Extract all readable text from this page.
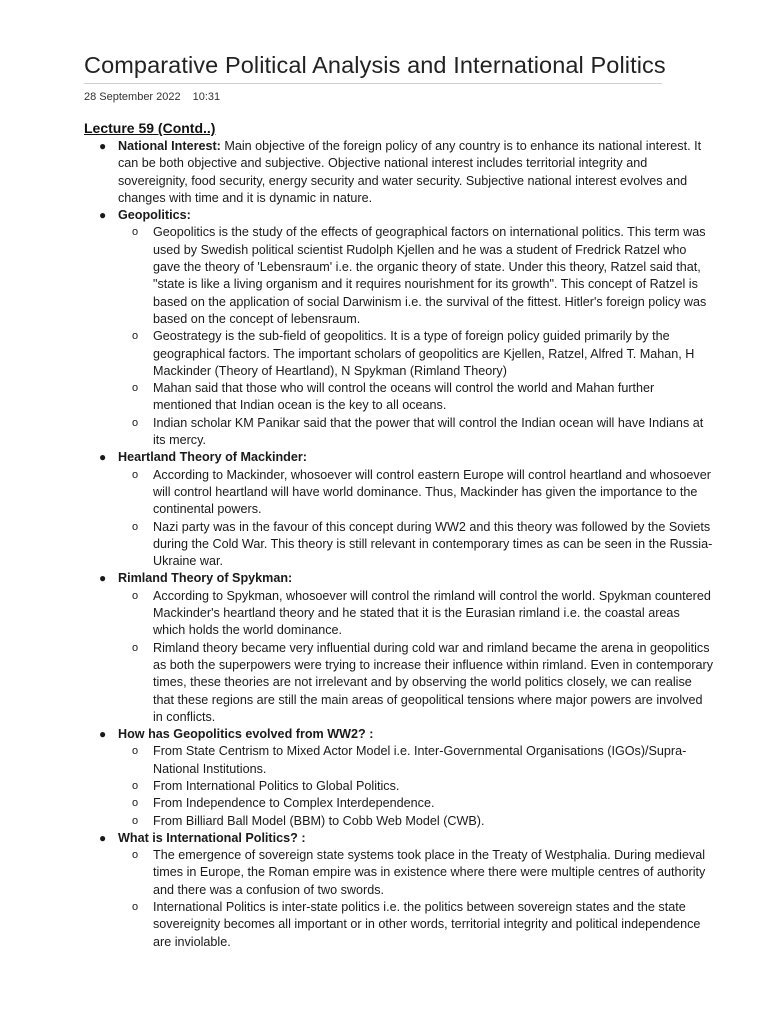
Comparative Political Analysis and International Politics
28 September 2022 10:31
Lecture 59 (Contd..)
● National Interest: Main objective of the foreign policy of any country is to enhance its national interest. It can be both objective and subjective. Objective national interest includes territorial integrity and sovereignity, food security, energy security and water security. Subjective national interest evolves and changes with time and it is dynamic in nature.
● Geopolitics:
o Geopolitics is the study of the effects of geographical factors on international politics. This term was used by Swedish political scientist Rudolph Kjellen and he was a student of Fredrick Ratzel who gave the theory of 'Lebensraum' i.e. the organic theory of state. Under this theory, Ratzel said that, "state is like a living organism and it requires nourishment for its growth". This concept of Ratzel is based on the application of social Darwinism i.e. the survival of the fittest. Hitler's foreign policy was based on the concept of lebensraum.
o Geostrategy is the sub-field of geopolitics. It is a type of foreign policy guided primarily by the geographical factors. The important scholars of geopolitics are Kjellen, Ratzel, Alfred T. Mahan, H Mackinder (Theory of Heartland), N Spykman (Rimland Theory)
o Mahan said that those who will control the oceans will control the world and Mahan further mentioned that Indian ocean is the key to all oceans.
o Indian scholar KM Panikar said that the power that will control the Indian ocean will have Indians at its mercy.
● Heartland Theory of Mackinder:
o According to Mackinder, whosoever will control eastern Europe will control heartland and whosoever will control heartland will have world dominance. Thus, Mackinder has given the importance to the continental powers.
o Nazi party was in the favour of this concept during WW2 and this theory was followed by the Soviets during the Cold War. This theory is still relevant in contemporary times as can be seen in the Russia-Ukraine war.
● Rimland Theory of Spykman:
o According to Spykman, whosoever will control the rimland will control the world. Spykman countered Mackinder's heartland theory and he stated that it is the Eurasian rimland i.e. the coastal areas which holds the world dominance.
o Rimland theory became very influential during cold war and rimland became the arena in geopolitics as both the superpowers were trying to increase their influence within rimland. Even in contemporary times, these theories are not irrelevant and by observing the world politics closely, we can realise that these regions are still the main areas of geopolitical tensions where major powers are involved in conflicts.
● How has Geopolitics evolved from WW2? :
o From State Centrism to Mixed Actor Model i.e. Inter-Governmental Organisations (IGOs)/Supra-National Institutions.
o From International Politics to Global Politics.
o From Independence to Complex Interdependence.
o From Billiard Ball Model (BBM) to Cobb Web Model (CWB).
● What is International Politics? :
o The emergence of sovereign state systems took place in the Treaty of Westphalia. During medieval times in Europe, the Roman empire was in existence where there were multiple centres of authority and there was a confusion of two swords.
o International Politics is inter-state politics i.e. the politics between sovereign states and the state sovereignity becomes all important or in other words, territorial integrity and political independence are inviolable.
